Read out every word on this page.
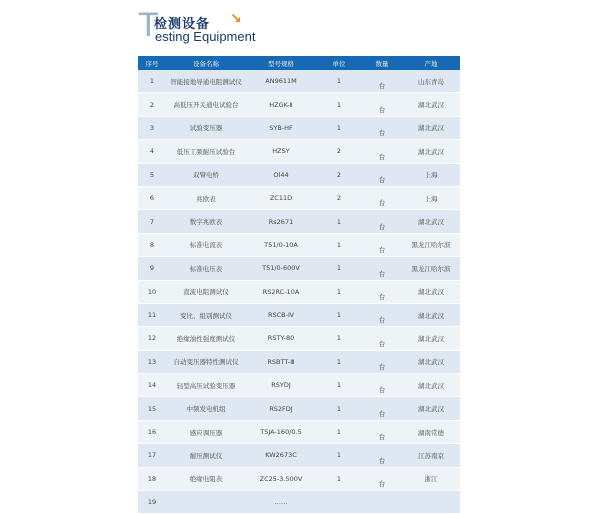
T
检测设备 ↘
esting Equipment
序号	设备名称	型号规格	单位	数量	产地
1	智能接地导通电阻测试仪	AN9611M	1	台	山东青岛
2	高低压开关通电试验台	HZGK-Ⅱ	1	台	湖北武汉
3	试验变压器	SYB-HF	1	台	湖北武汉
4	低压工频耐压试验台	HZSY	2	台	湖北武汉
5	双臂电桥	Ol44	2	台	上海
6	兆欧表	ZC11D	2	台	上海
7	数字兆欧表	Rs2671	1	台	湖北武汉
8	标准电流表	T51/0-10A	1	台	黑龙江哈尔滨
9	标准电压表	T51/0-600V	1	台	黑龙江哈尔滨
10	直流电阻测试仪	RS2RC-10A	1	台	湖北武汉
11	变比、组别测试仪	RSCB-Ⅳ	1	台	湖北武汉
12	绝缘油性强度测试仪	RSTY-80	1	台	湖北武汉
13	自动变压器特性测试仪	RSBTT-Ⅲ	1	台	湖北武汉
14	轻型高压试验变压器	RSYDJ	1	台	湖北武汉
15	中频发电机组	RS2FDJ	1	台	湖北武汉
16	感应调压器	TSJA-160/0.5	1	台	湖南常德
17	耐压测试仪	KW2673C	1	台	江苏南京
18	绝缘电阻表	ZC25-3.500V	1	台	浙江
19		……			
